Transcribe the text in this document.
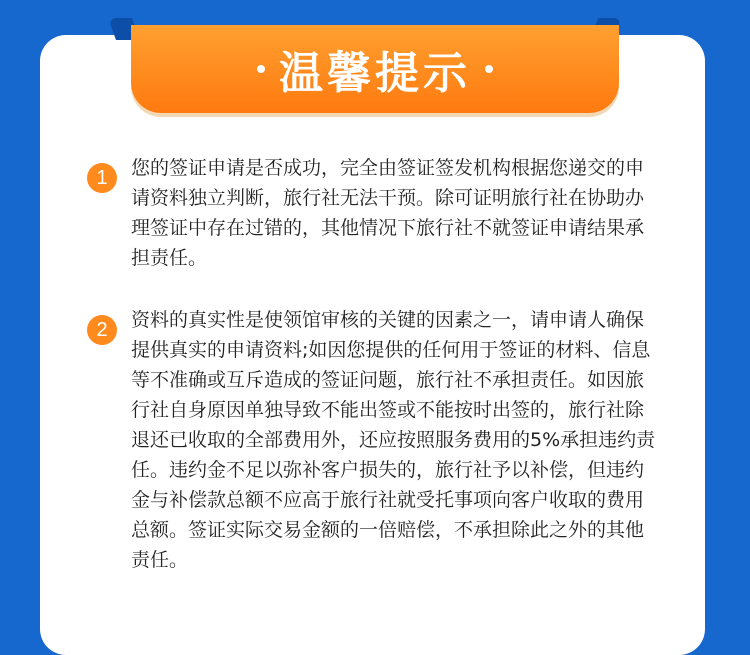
温馨提示
1	您的签证申请是否成功，完全由签证签发机构根据您递交的申请资料独立判断，旅行社无法干预。除可证明旅行社在协助办理签证中存在过错的，其他情况下旅行社不就签证申请结果承担责任。
2	资料的真实性是使领馆审核的关键的因素之一，请申请人确保提供真实的申请资料;如因您提供的任何用于签证的材料、信息等不准确或互斥造成的签证问题，旅行社不承担责任。如因旅行社自身原因单独导致不能出签或不能按时出签的，旅行社除退还已收取的全部费用外，还应按照服务费用的5%承担违约责任。违约金不足以弥补客户损失的，旅行社予以补偿，但违约金与补偿款总额不应高于旅行社就受托事项向客户收取的费用总额。签证实际交易金额的一倍赔偿，不承担除此之外的其他责任。
